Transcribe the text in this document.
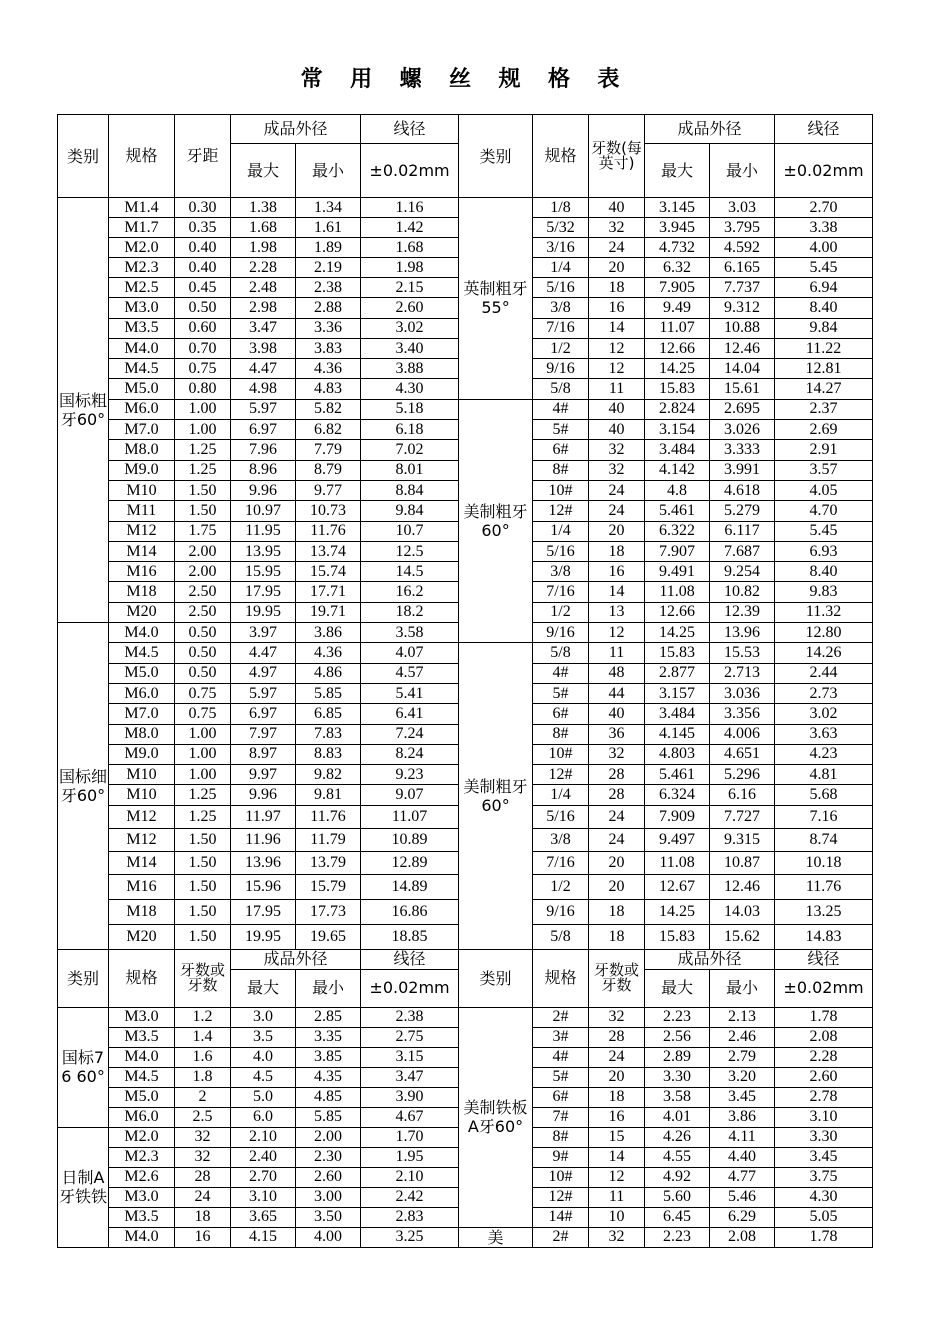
常 用 螺 丝 规 格 表
类别	规格	牙距	成品外径		线径	类别	规格	牙数(每英寸)	成品外径		线径
			最大	最小	±0.02mm				最大	最小	±0.02mm
国标粗牙60°	M1.4	0.30	1.38	1.34	1.16	英制粗牙55°	1/8	40	3.145	3.03	2.70
	M1.7	0.35	1.68	1.61	1.42		5/32	32	3.945	3.795	3.38
	M2.0	0.40	1.98	1.89	1.68		3/16	24	4.732	4.592	4.00
	M2.3	0.40	2.28	2.19	1.98		1/4	20	6.32	6.165	5.45
	M2.5	0.45	2.48	2.38	2.15		5/16	18	7.905	7.737	6.94
	M3.0	0.50	2.98	2.88	2.60		3/8	16	9.49	9.312	8.40
	M3.5	0.60	3.47	3.36	3.02		7/16	14	11.07	10.88	9.84
	M4.0	0.70	3.98	3.83	3.40		1/2	12	12.66	12.46	11.22
	M4.5	0.75	4.47	4.36	3.88		9/16	12	14.25	14.04	12.81
	M5.0	0.80	4.98	4.83	4.30		5/8	11	15.83	15.61	14.27
	M6.0	1.00	5.97	5.82	5.18	美制粗牙60°	4#	40	2.824	2.695	2.37
	M7.0	1.00	6.97	6.82	6.18		5#	40	3.154	3.026	2.69
	M8.0	1.25	7.96	7.79	7.02		6#	32	3.484	3.333	2.91
	M9.0	1.25	8.96	8.79	8.01		8#	32	4.142	3.991	3.57
	M10	1.50	9.96	9.77	8.84		10#	24	4.8	4.618	4.05
	M11	1.50	10.97	10.73	9.84		12#	24	5.461	5.279	4.70
	M12	1.75	11.95	11.76	10.7		1/4	20	6.322	6.117	5.45
	M14	2.00	13.95	13.74	12.5		5/16	18	7.907	7.687	6.93
	M16	2.00	15.95	15.74	14.5		3/8	16	9.491	9.254	8.40
	M18	2.50	17.95	17.71	16.2		7/16	14	11.08	10.82	9.83
	M20	2.50	19.95	19.71	18.2		1/2	13	12.66	12.39	11.32
国标细牙60°	M4.0	0.50	3.97	3.86	3.58		9/16	12	14.25	13.96	12.80
	M4.5	0.50	4.47	4.36	4.07	美制粗牙60°	5/8	11	15.83	15.53	14.26
	M5.0	0.50	4.97	4.86	4.57		4#	48	2.877	2.713	2.44
	M6.0	0.75	5.97	5.85	5.41		5#	44	3.157	3.036	2.73
	M7.0	0.75	6.97	6.85	6.41		6#	40	3.484	3.356	3.02
	M8.0	1.00	7.97	7.83	7.24		8#	36	4.145	4.006	3.63
	M9.0	1.00	8.97	8.83	8.24		10#	32	4.803	4.651	4.23
	M10	1.00	9.97	9.82	9.23		12#	28	5.461	5.296	4.81
	M10	1.25	9.96	9.81	9.07		1/4	28	6.324	6.16	5.68
	M12	1.25	11.97	11.76	11.07		5/16	24	7.909	7.727	7.16
	M12	1.50	11.96	11.79	10.89		3/8	24	9.497	9.315	8.74
	M14	1.50	13.96	13.79	12.89		7/16	20	11.08	10.87	10.18
	M16	1.50	15.96	15.79	14.89		1/2	20	12.67	12.46	11.76
	M18	1.50	17.95	17.73	16.86		9/16	18	14.25	14.03	13.25
	M20	1.50	19.95	19.65	18.85		5/8	18	15.83	15.62	14.83
类别	规格	牙数或牙数	成品外径		线径	类别	规格	牙数或牙数	成品外径		线径
			最大	最小	±0.02mm				最大	最小	±0.02mm
国标76 60°	M3.0	1.2	3.0	2.85	2.38	美制铁板A牙60°	2#	32	2.23	2.13	1.78
	M3.5	1.4	3.5	3.35	2.75		3#	28	2.56	2.46	2.08
	M4.0	1.6	4.0	3.85	3.15		4#	24	2.89	2.79	2.28
	M4.5	1.8	4.5	4.35	3.47		5#	20	3.30	3.20	2.60
	M5.0	2	5.0	4.85	3.90		6#	18	3.58	3.45	2.78
	M6.0	2.5	6.0	5.85	4.67		7#	16	4.01	3.86	3.10
日制A牙铁铁	M2.0	32	2.10	2.00	1.70		8#	15	4.26	4.11	3.30
	M2.3	32	2.40	2.30	1.95		9#	14	4.55	4.40	3.45
	M2.6	28	2.70	2.60	2.10		10#	12	4.92	4.77	3.75
	M3.0	24	3.10	3.00	2.42		12#	11	5.60	5.46	4.30
	M3.5	18	3.65	3.50	2.83		14#	10	6.45	6.29	5.05
	M4.0	16	4.15	4.00	3.25	美	2#	32	2.23	2.08	1.78
